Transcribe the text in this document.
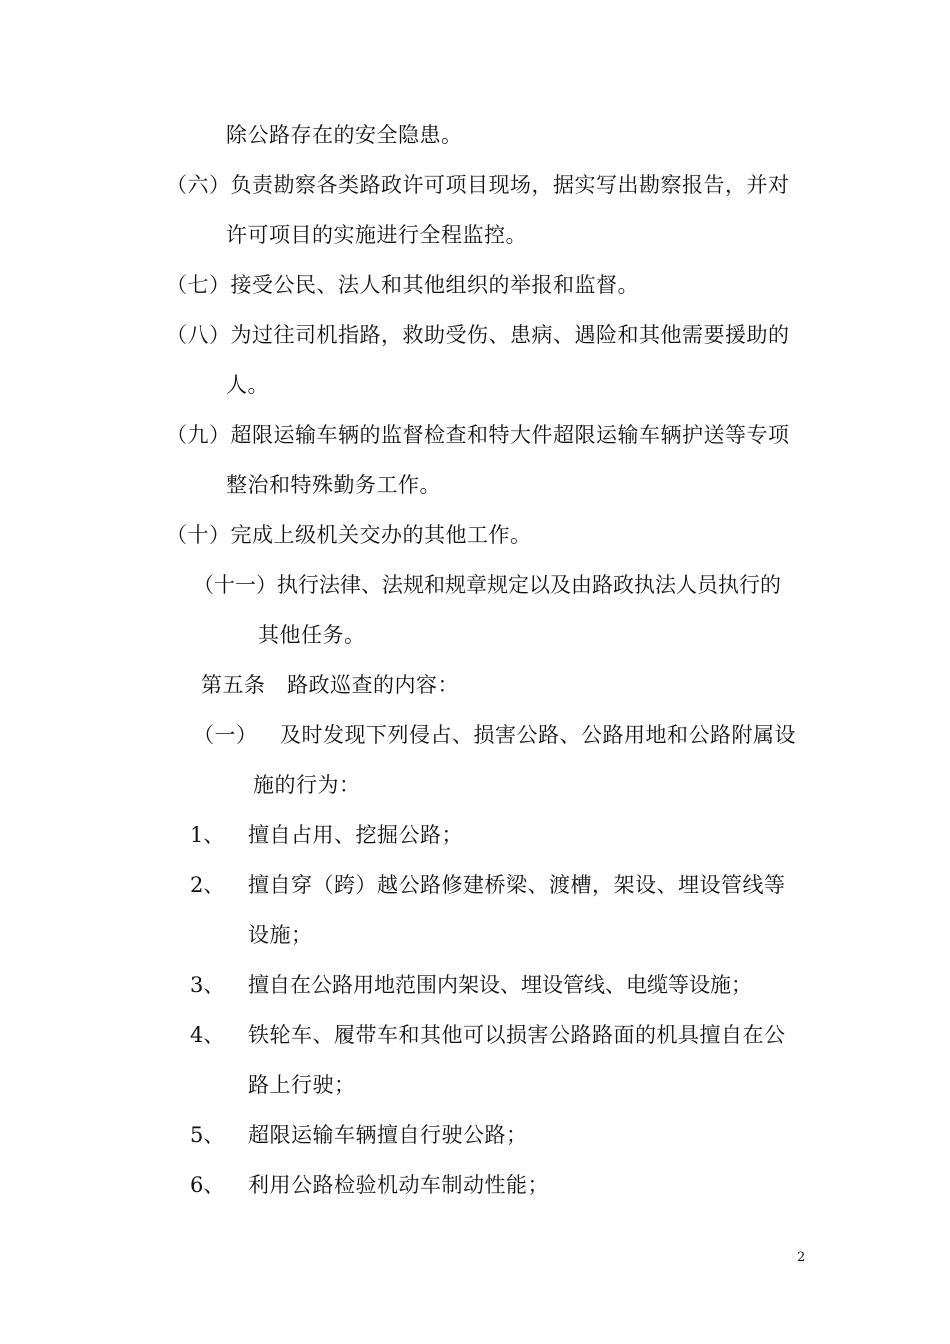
除公路存在的安全隐患。
（六）负责勘察各类路政许可项目现场，据实写出勘察报告，并对
许可项目的实施进行全程监控。
（七）接受公民、法人和其他组织的举报和监督。
（八）为过往司机指路，救助受伤、患病、遇险和其他需要援助的
人。
（九）超限运输车辆的监督检查和特大件超限运输车辆护送等专项
整治和特殊勤务工作。
（十）完成上级机关交办的其他工作。
（十一）执行法律、法规和规章规定以及由路政执法人员执行的
其他任务。
第五条　路政巡查的内容：
（一） 及时发现下列侵占、损害公路、公路用地和公路附属设
施的行为：
1、 擅自占用、挖掘公路；
2、 擅自穿（跨）越公路修建桥梁、渡槽，架设、埋设管线等
设施；
3、 擅自在公路用地范围内架设、埋设管线、电缆等设施；
4、 铁轮车、履带车和其他可以损害公路路面的机具擅自在公
路上行驶；
5、 超限运输车辆擅自行驶公路；
6、 利用公路检验机动车制动性能；
2
